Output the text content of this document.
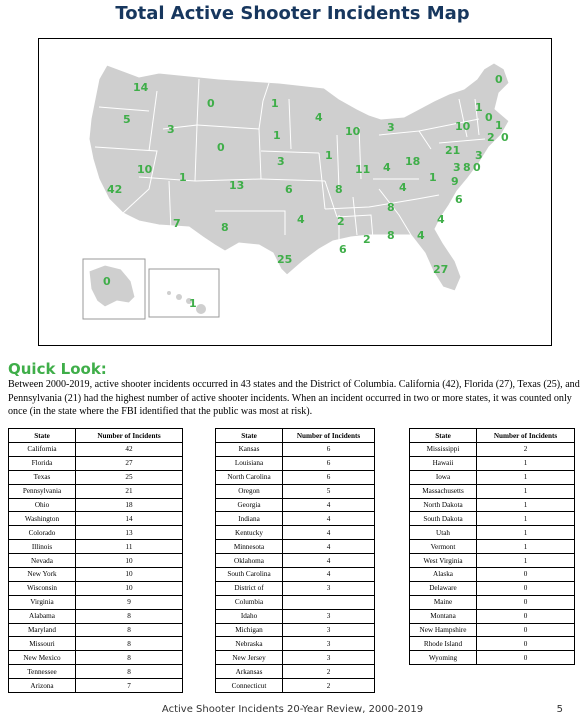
Total Active Shooter Incidents Map
14
5
3
0	1
1
4
10 3
42
10
1
0
13
3	1
6	8
11 4 18
21
10
4
1 9
7	8
4	2
8
6
4
2 8 4
6
25
27
0
1
0
1
0
1
0
2
3
0
8
3
Quick Look:
Between 2000-2019, active shooter incidents occurred in 43 states and the District of Columbia. California (42), Florida (27), Texas (25), and Pennsylvania (21) had the highest number of active shooter incidents. When an incident occurred in two or more states, it was counted only once (in the state where the FBI identified that the public was most at risk).
State	Number of Incidents
California	42
Florida	27
Texas	25
Pennsylvania	21
Ohio	18
Washington	14
Colorado	13
Illinois	11
Nevada	10
New York	10
Wisconsin	10
Virginia	9
Alabama	8
Maryland	8
Missouri	8
New Mexico	8
Tennessee	8
Arizona	7
State	Number of Incidents
Kansas	6
Louisiana	6
North Carolina	6
Oregon	5
Georgia	4
Indiana	4
Kentucky	4
Minnesota	4
Oklahoma	4
South Carolina	4
District of	3
Columbia	
Idaho	3
Michigan	3
Nebraska	3
New Jersey	3
Arkansas	2
Connecticut	2
State	Number of Incidents
Mississippi	2
Hawaii	1
Iowa	1
Massachusetts	1
North Dakota	1
South Dakota	1
Utah	1
Vermont	1
West Virginia	1
Alaska	0
Delaware	0
Maine	0
Montana	0
New Hampshire	0
Rhode Island	0
Wyoming	0
Active Shooter Incidents 20-Year Review, 2000-2019	5
